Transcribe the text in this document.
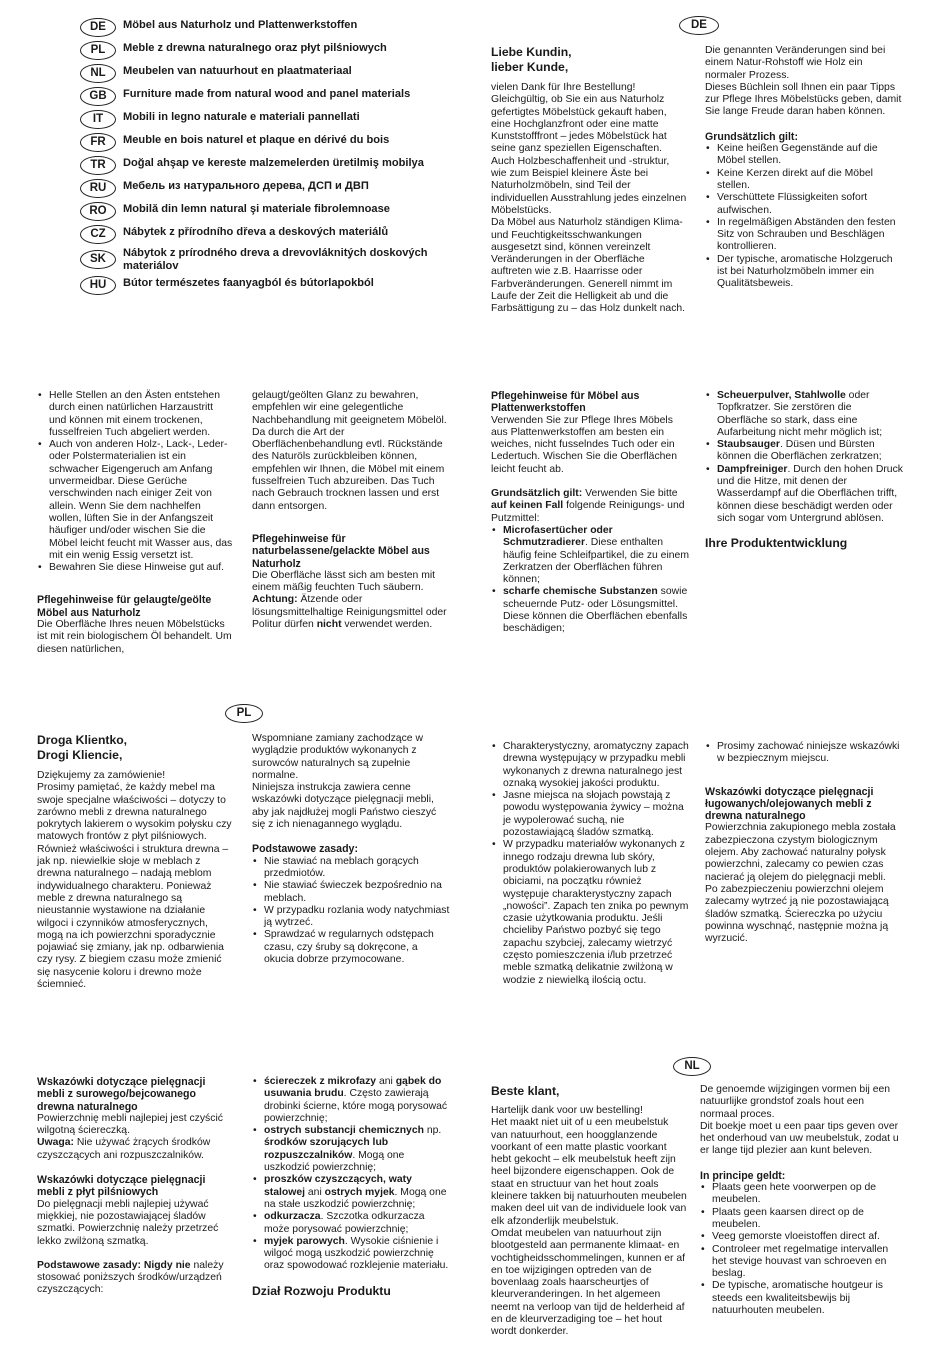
DE	Möbel aus Naturholz und Plattenwerkstoffen
PL	Meble z drewna naturalnego oraz płyt pilśniowych
NL	Meubelen van natuurhout en plaatmateriaal
GB	Furniture made from natural wood and panel materials
IT	Mobili in legno naturale e materiali pannellati
FR	Meuble en bois naturel et plaque en dérivé du bois
TR	Doğal ahşap ve kereste malzemelerden üretilmiş mobilya
RU	Мебель из натурального дерева, ДСП и ДВП
RO	Mobilă din lemn natural şi materiale fibrolemnoase
CZ	Nábytek z přírodního dřeva a deskových materiálů
SK	Nábytok z prírodného dreva a drevovláknitých doskových materiálov
HU	Bútor természetes faanyagból és bútorlapokból
DE

Liebe Kundin,

lieber Kunde,

vielen Dank für Ihre Bestellung!

Gleichgültig, ob Sie ein aus Naturholz gefertigtes Möbelstück gekauft haben, eine Hochglanzfront oder eine matte Kunststofffront – jedes Möbelstück hat seine ganz speziellen Eigenschaften. Auch Holzbeschaffenheit und -struktur, wie zum Beispiel kleinere Äste bei Naturholzmöbeln, sind Teil der individuellen Ausstrahlung jedes einzelnen Möbelstücks.

Da Möbel aus Naturholz ständigen Klima- und Feuchtigkeitsschwankungen ausgesetzt sind, können vereinzelt Veränderungen in der Oberfläche auftreten wie z.B. Haarrisse oder Farbveränderungen. Generell nimmt im Laufe der Zeit die Helligkeit ab und die Farbsättigung zu – das Holz dunkelt nach.

Die genannten Veränderungen sind bei einem Natur-Rohstoff wie Holz ein normaler Prozess.

Dieses Büchlein soll Ihnen ein paar Tipps zur Pflege Ihres Möbelstücks geben, damit Sie lange Freude daran haben können.

Grundsätzlich gilt:
• Keine heißen Gegenstände auf die Möbel stellen.
• Keine Kerzen direkt auf die Möbel stellen.
• Verschüttete Flüssigkeiten sofort aufwischen.
• In regelmäßigen Abständen den festen Sitz von Schrauben und Beschlägen kontrollieren.
• Der typische, aromatische Holzgeruch ist bei Naturholzmöbeln immer ein Qualitätsbeweis.
• Helle Stellen an den Ästen entstehen durch einen natürlichen Harzaustritt und können mit einem trockenen, fusselfreien Tuch abgeliert werden.
• Auch von anderen Holz-, Lack-, Leder- oder Polstermaterialien ist ein schwacher Eigengeruch am Anfang unvermeidbar. Diese Gerüche verschwinden nach einiger Zeit von allein. Wenn Sie dem nachhelfen wollen, lüften Sie in der Anfangszeit häufiger und/oder wischen Sie die Möbel leicht feucht mit Wasser aus, das mit ein wenig Essig versetzt ist.
• Bewahren Sie diese Hinweise gut auf.
Pflegehinweise für gelaugte/geölte Möbel aus Naturholz

Die Oberfläche Ihres neuen Möbelstücks ist mit rein biologischem Öl behandelt. Um diesen natürlichen,

gelaugt/geölten Glanz zu bewahren, empfehlen wir eine gelegentliche Nachbehandlung mit geeignetem Möbelöl. Da durch die Art der Oberflächenbehandlung evtl. Rückstände des Naturöls zurückbleiben können, empfehlen wir Ihnen, die Möbel mit einem fusselfreien Tuch abzureiben. Das Tuch nach Gebrauch trocknen lassen und erst dann entsorgen.

Pflegehinweise für naturbelassene/gelackte Möbel aus Naturholz

Die Oberfläche lässt sich am besten mit einem mäßig feuchten Tuch säubern.

Achtung: Ätzende oder lösungsmittelhaltige Reinigungsmittel oder Politur dürfen nicht verwendet werden.

Pflegehinweise für Möbel aus Plattenwerkstoffen

Verwenden Sie zur Pflege Ihres Möbels aus Plattenwerkstoffen am besten ein weiches, nicht fusselndes Tuch oder ein Ledertuch. Wischen Sie die Oberflächen leicht feucht ab.

Grundsätzlich gilt: Verwenden Sie bitte auf keinen Fall folgende Reinigungs- und Putzmittel:

• Microfasertücher oder Schmutzradierer. Diese enthalten häufig feine Schleifpartikel, die zu einem Zerkratzen der Oberflächen führen können;
• scharfe chemische Substanzen sowie scheuernde Putz- oder Lösungsmittel. Diese können die Oberflächen ebenfalls beschädigen;
• Scheuerpulver, Stahlwolle oder Topfkratzer. Sie zerstören die Oberfläche so stark, dass eine Aufarbeitung nicht mehr möglich ist;
• Staubsauger. Düsen und Bürsten können die Oberflächen zerkratzen;
• Dampfreiniger. Durch den hohen Druck und die Hitze, mit denen der Wasserdampf auf die Oberflächen trifft, können diese beschädigt werden oder sich sogar vom Untergrund ablösen.

Ihre Produktentwicklung

PL

Droga Klientko,

Drogi Kliencie,

Dziękujemy za zamówienie!

Prosimy pamiętać, że każdy mebel ma swoje specjalne właściwości – dotyczy to zarówno mebli z drewna naturalnego pokrytych lakierem o wysokim połysku czy matowych frontów z płyt pilśniowych. Również właściwości i struktura drewna – jak np. niewielkie słoje w meblach z drewna naturalnego – nadają meblom indywidualnego charakteru. Ponieważ meble z drewna naturalnego są nieustannie wystawione na działanie wilgoci i czynników atmosferycznych, mogą na ich powierzchni sporadycznie pojawiać się zmiany, jak np. odbarwienia czy rysy. Z biegiem czasu może zmienić się nasycenie koloru i drewno może ściemnieć.

Wspomniane zamiany zachodzące w wyglądzie produktów wykonanych z surowców naturalnych są zupełnie normalne.

Niniejsza instrukcja zawiera cenne wskazówki dotyczące pielęgnacji mebli, aby jak najdłużej mogli Państwo cieszyć się z ich nienagannego wyglądu.

Podstawowe zasady:
• Nie stawiać na meblach gorących przedmiotów.
• Nie stawiać świeczek bezpośrednio na meblach.
• W przypadku rozlania wody natychmiast ją wytrzeć.
• Sprawdzać w regularnych odstępach czasu, czy śruby są dokręcone, a okucia dobrze przymocowane.
• Charakterystyczny, aromatyczny zapach drewna występujący w przypadku mebli wykonanych z drewna naturalnego jest oznaką wysokiej jakości produktu.
• Jasne miejsca na słojach powstają z powodu występowania żywicy – można je wypolerować suchą, nie pozostawiającą śladów szmatką.
• W przypadku materiałów wykonanych z innego rodzaju drewna lub skóry, produktów polakierowanych lub z obiciami, na początku również występuje charakterystyczny zapach „nowości”. Zapach ten znika po pewnym czasie użytkowania produktu. Jeśli chcieliby Państwo pozbyć się tego zapachu szybciej, zalecamy wietrzyć często pomieszczenia i/lub przetrzeć meble szmatką delikatnie zwilżoną w wodzie z niewielką ilością octu.
• Prosimy zachować niniejsze wskazówki w bezpiecznym miejscu.
Wskazówki dotyczące pielęgnacji ługowanych/olejowanych mebli z drewna naturalnego

Powierzchnia zakupionego mebla została zabezpieczona czystym biologicznym olejem. Aby zachować naturalny połysk powierzchni, zalecamy co pewien czas nacierać ją olejem do pielęgnacji mebli. Po zabezpieczeniu powierzchni olejem zalecamy wytrzeć ją nie pozostawiającą śladów szmatką. Ściereczka po użyciu powinna wyschnąć, następnie można ją wyrzucić.

Wskazówki dotyczące pielęgnacji mebli z surowego/bejcowanego drewna naturalnego

Powierzchnię mebli najlepiej jest czyścić wilgotną ściereczką.

Uwaga: Nie używać żrących środków czyszczących ani rozpuszczalników.

Wskazówki dotyczące pielęgnacji mebli z płyt pilśniowych

Do pielęgnacji mebli najlepiej używać miękkiej, nie pozostawiającej śladów szmatki. Powierzchnię należy przetrzeć lekko zwilżoną szmatką.

Podstawowe zasady: Nigdy nie należy stosować poniższych środków/urządzeń czyszczących:

• ściereczek z mikrofazy ani gąbek do usuwania brudu. Często zawierają drobinki ścierne, które mogą porysować powierzchnię;
• ostrych substancji chemicznych np. środków szorujących lub rozpuszczalników. Mogą one uszkodzić powierzchnię;
• proszków czyszczących, waty stalowej ani ostrych myjek. Mogą one na stałe uszkodzić powierzchnię;
• odkurzacza. Szczotka odkurzacza może porysować powierzchnię;
• myjek parowych. Wysokie ciśnienie i wilgoć mogą uszkodzić powierzchnię oraz spowodować rozklejenie materiału.

Dział Rozwoju Produktu

NL

Beste klant,

Hartelijk dank voor uw bestelling!

Het maakt niet uit of u een meubelstuk van natuurhout, een hoogglanzende voorkant of een matte plastic voorkant hebt gekocht – elk meubelstuk heeft zijn heel bijzondere eigenschappen. Ook de staat en structuur van het hout zoals kleinere takken bij natuurhouten meubelen maken deel uit van de individuele look van elk afzonderlijk meubelstuk.

Omdat meubelen van natuurhout zijn blootgesteld aan permanente klimaat- en vochtigheidsschommelingen, kunnen er af en toe wijzigingen optreden van de bovenlaag zoals haarscheurtjes of kleurveranderingen. In het algemeen neemt na verloop van tijd de helderheid af en de kleurverzadiging toe – het hout wordt donkerder.

De genoemde wijzigingen vormen bij een natuurlijke grondstof zoals hout een normaal proces.

Dit boekje moet u een paar tips geven over het onderhoud van uw meubelstuk, zodat u er lange tijd plezier aan kunt beleven.

In principe geldt:
• Plaats geen hete voorwerpen op de meubelen.
• Plaats geen kaarsen direct op de meubelen.
• Veeg gemorste vloeistoffen direct af.
• Controleer met regelmatige intervallen het stevige houvast van schroeven en beslag.
• De typische, aromatische houtgeur is steeds een kwaliteitsbewijs bij natuurhouten meubelen.
